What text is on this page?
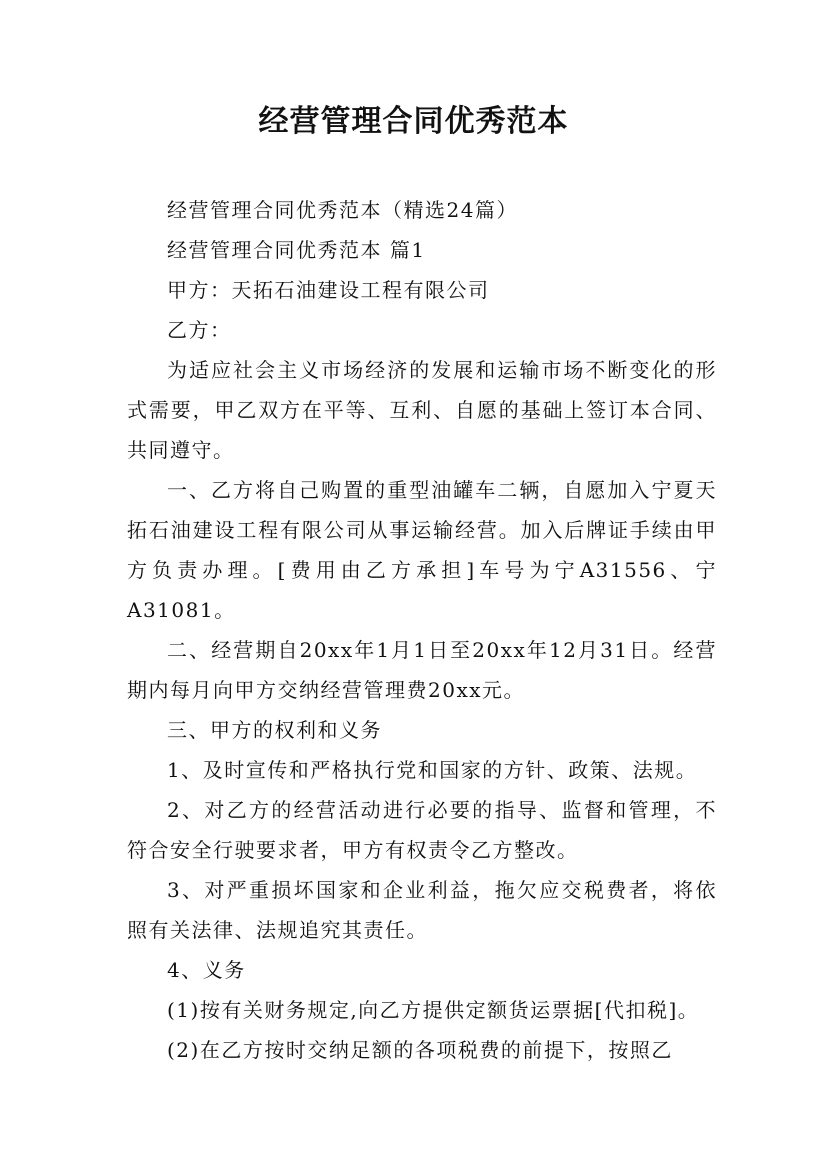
经营管理合同优秀范本

经营管理合同优秀范本（精选24篇）

经营管理合同优秀范本 篇1

甲方：天拓石油建设工程有限公司

乙方：

为适应社会主义市场经济的发展和运输市场不断变化的形式需要，甲乙双方在平等、互利、自愿的基础上签订本合同、共同遵守。

一、乙方将自己购置的重型油罐车二辆，自愿加入宁夏天拓石油建设工程有限公司从事运输经营。加入后牌证手续由甲方负责办理。[费用由乙方承担]车号为宁A31556、宁A31081。

二、经营期自20xx年1月1日至20xx年12月31日。经营期内每月向甲方交纳经营管理费20xx元。

三、甲方的权利和义务

1、及时宣传和严格执行党和国家的方针、政策、法规。

2、对乙方的经营活动进行必要的指导、监督和管理，不符合安全行驶要求者，甲方有权责令乙方整改。

3、对严重损坏国家和企业利益，拖欠应交税费者，将依照有关法律、法规追究其责任。

4、义务

(1)按有关财务规定,向乙方提供定额货运票据[代扣税]。

(2)在乙方按时交纳足额的各项税费的前提下，按照乙
